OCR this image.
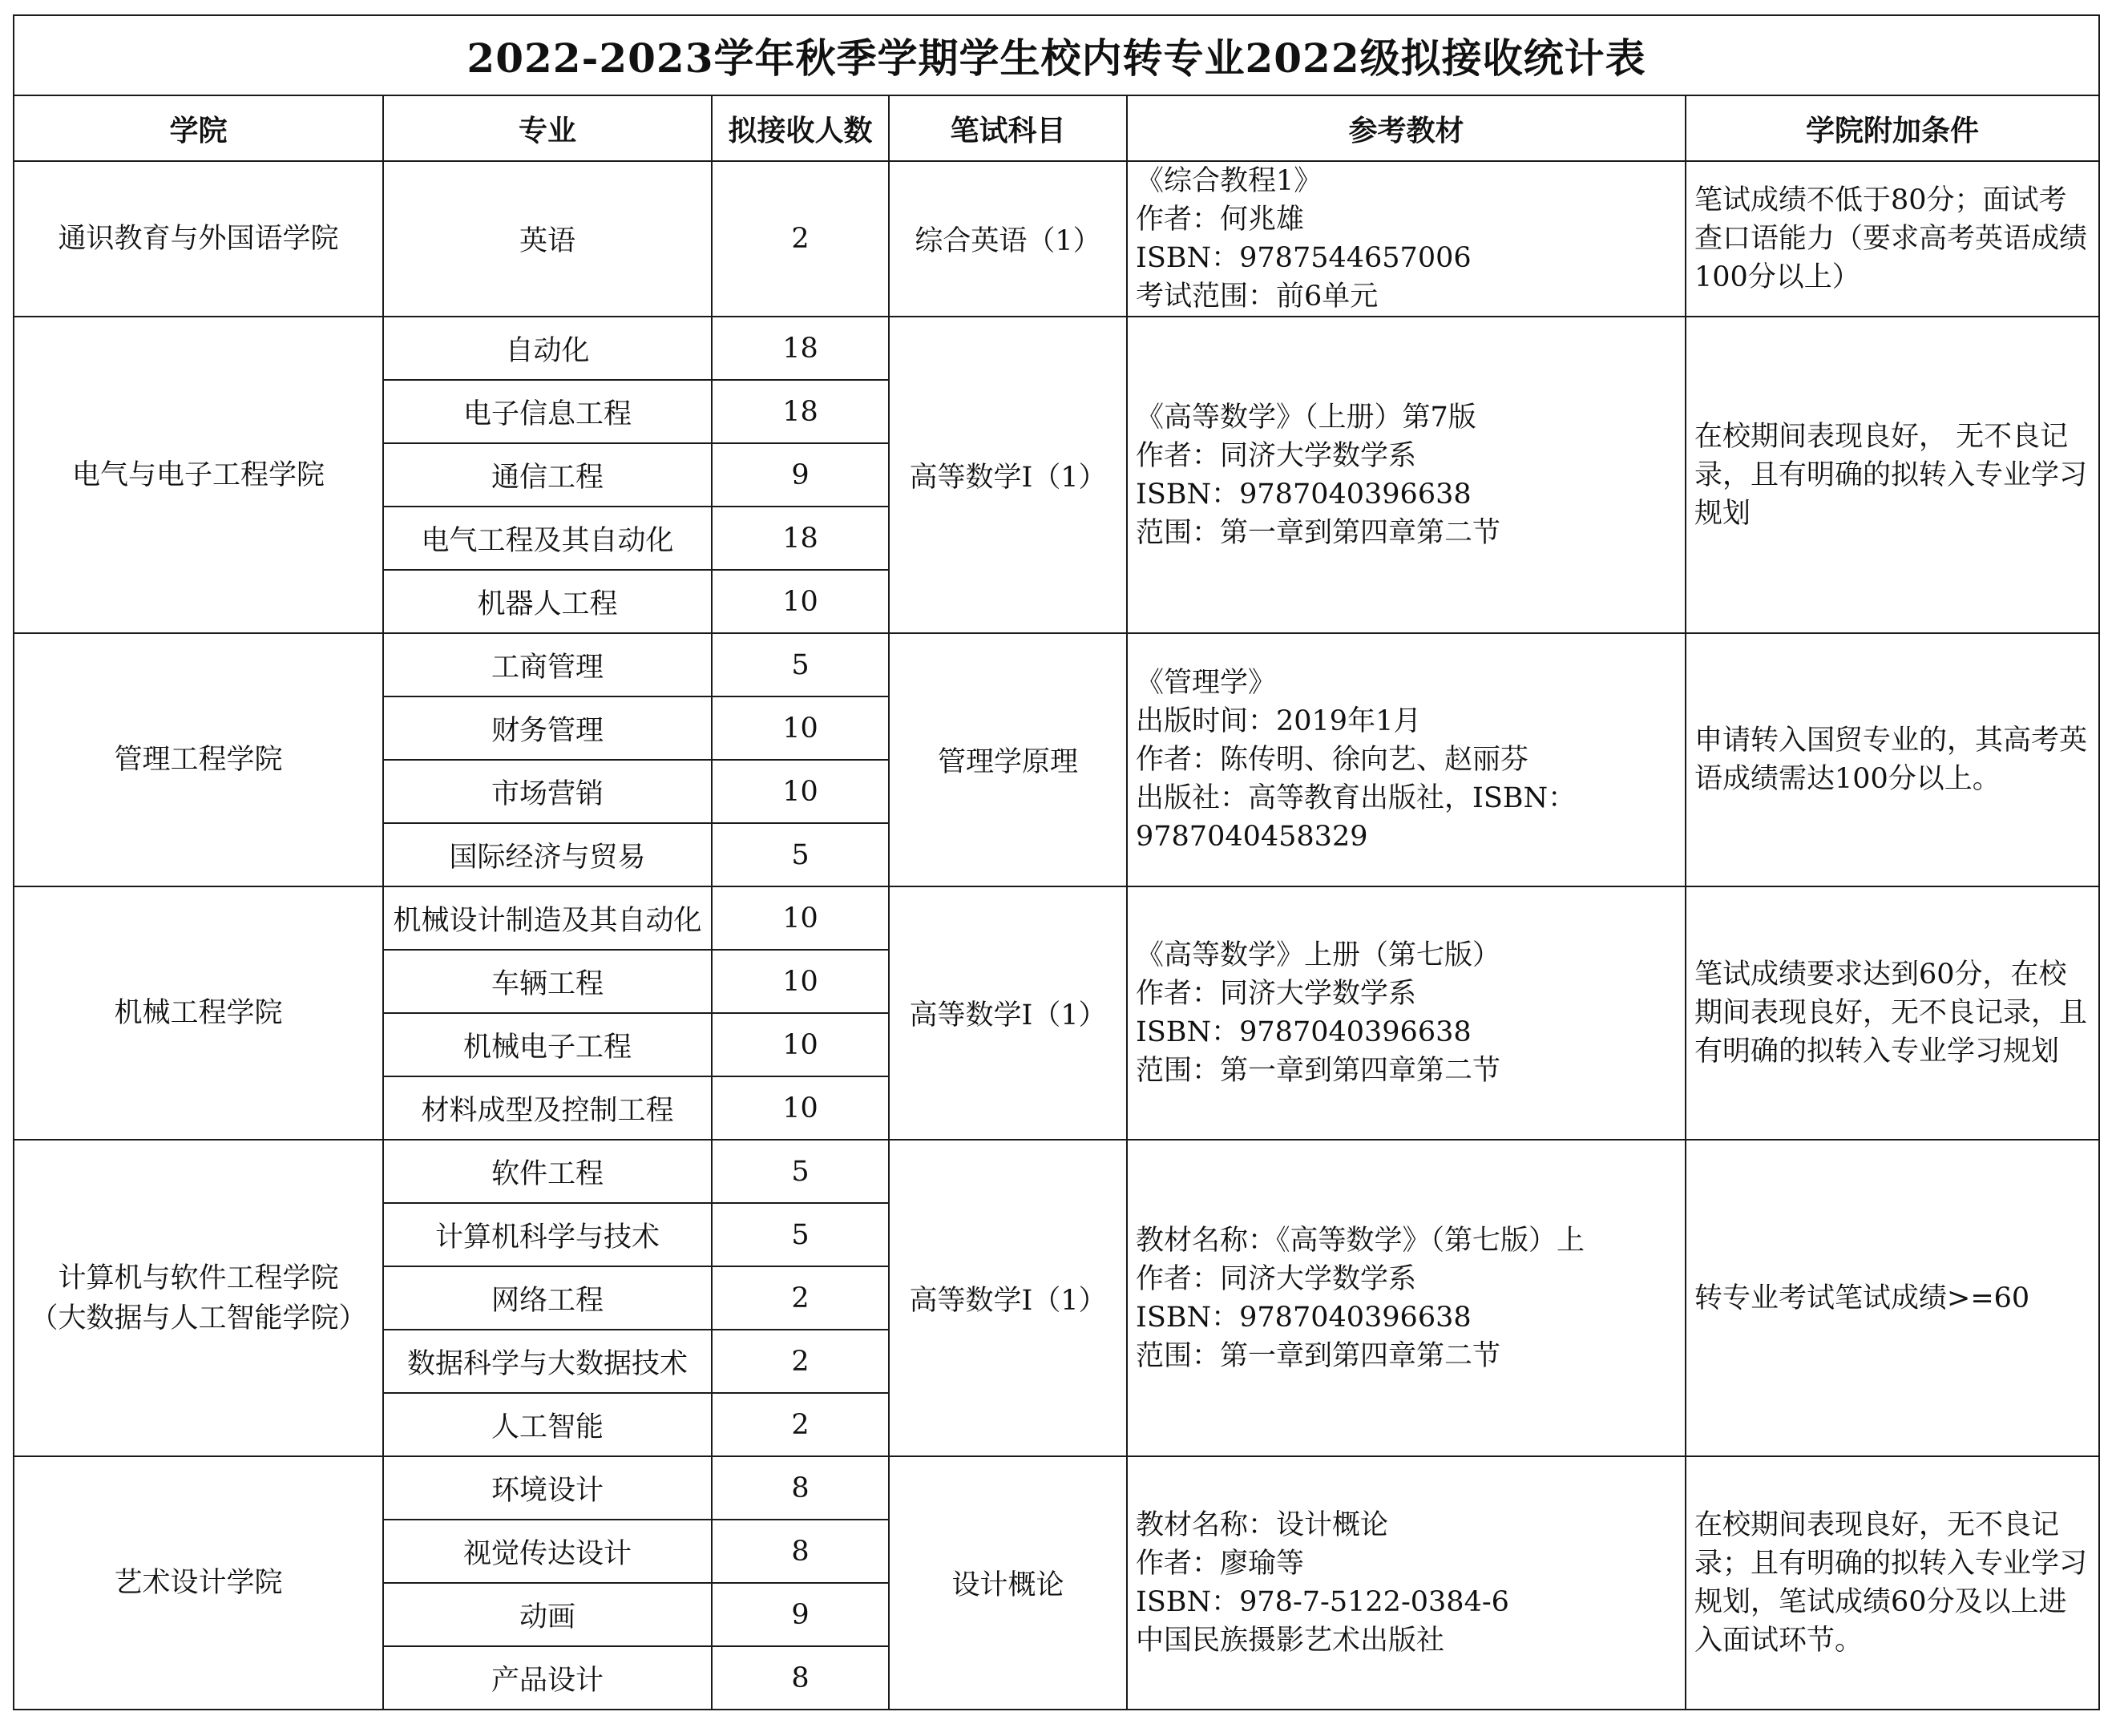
2022-2023学年秋季学期学生校内转专业2022级拟接收统计表					
学院	专业	拟接收人数	笔试科目	参考教材	学院附加条件
通识教育与外国语学院	英语	2	综合英语（1）	《综合教程1》
作者：何兆雄
ISBN：9787544657006
考试范围：前6单元	笔试成绩不低于80分；面试考查口语能力（要求高考英语成绩100分以上）
电气与电子工程学院	自动化	18	高等数学I（1）	《高等数学》（上册）第7版
作者：同济大学数学系
ISBN：9787040396638
范围：第一章到第四章第二节	在校期间表现良好， 无不良记录，且有明确的拟转入专业学习规划
	电子信息工程	18			
	通信工程	9			
	电气工程及其自动化	18			
	机器人工程	10			
管理工程学院	工商管理	5	管理学原理	《管理学》
出版时间：2019年1月
作者：陈传明、徐向艺、赵丽芬
出版社：高等教育出版社，ISBN：
9787040458329	申请转入国贸专业的，其高考英语成绩需达100分以上。
	财务管理	10			
	市场营销	10			
	国际经济与贸易	5			
机械工程学院	机械设计制造及其自动化	10	高等数学I（1）	《高等数学》上册（第七版）
作者：同济大学数学系
ISBN：9787040396638
范围：第一章到第四章第二节	笔试成绩要求达到60分，在校期间表现良好，无不良记录，且有明确的拟转入专业学习规划
	车辆工程	10			
	机械电子工程	10			
	材料成型及控制工程	10			
计算机与软件工程学院
（大数据与人工智能学院）	软件工程	5	高等数学I（1）	教材名称：《高等数学》（第七版）上
作者：同济大学数学系
ISBN：9787040396638
范围：第一章到第四章第二节	转专业考试笔试成绩>=60
	计算机科学与技术	5			
	网络工程	2			
	数据科学与大数据技术	2			
	人工智能	2			
艺术设计学院	环境设计	8	设计概论	教材名称：设计概论
作者：廖瑜等
ISBN：978-7-5122-0384-6
中国民族摄影艺术出版社	在校期间表现良好，无不良记录；且有明确的拟转入专业学习规划，笔试成绩60分及以上进入面试环节。
	视觉传达设计	8			
	动画	9			
	产品设计	8			
